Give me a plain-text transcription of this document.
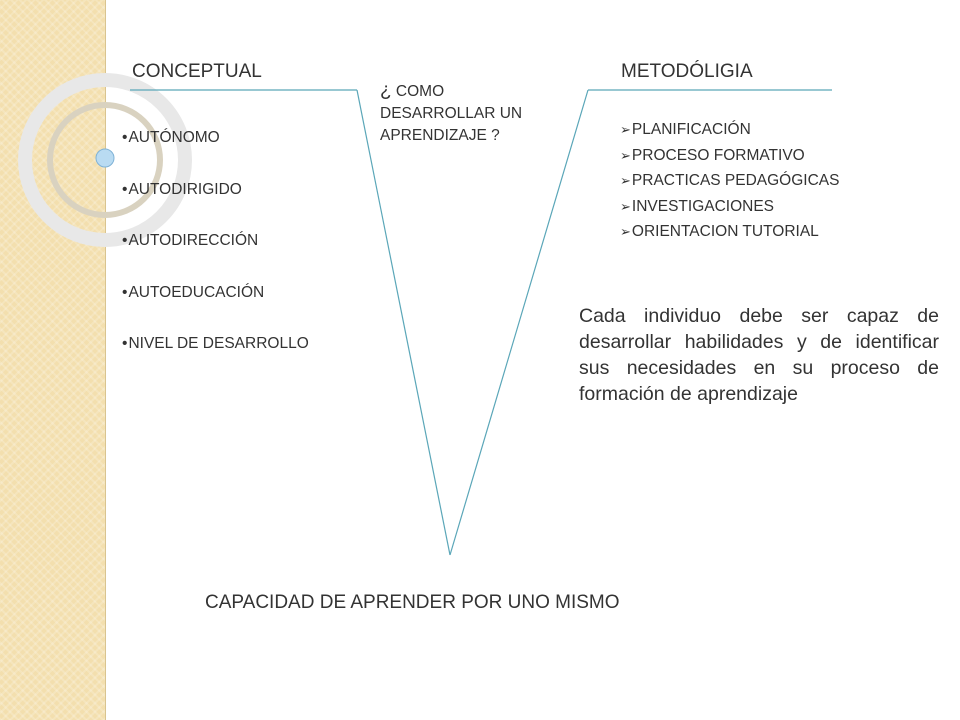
CONCEPTUAL	METODÓLIGIA
• AUTÓNOMO
• AUTODIRIGIDO
• AUTODIRECCIÓN
• AUTOEDUCACIÓN
• NIVEL DE DESARROLLO
¿ COMO
DESARROLLAR UN
APRENDIZAJE ?
➢	PLANIFICACIÓN
➢ PROCESO FORMATIVO
➢ PRACTICAS PEDAGÓGICAS
➢ INVESTIGACIONES
➢ ORIENTACION TUTORIAL
Cada individuo debe ser capaz de desarrollar habilidades y de identificar sus necesidades en su proceso de formación de aprendizaje
CAPACIDAD DE APRENDER POR UNO MISMO
